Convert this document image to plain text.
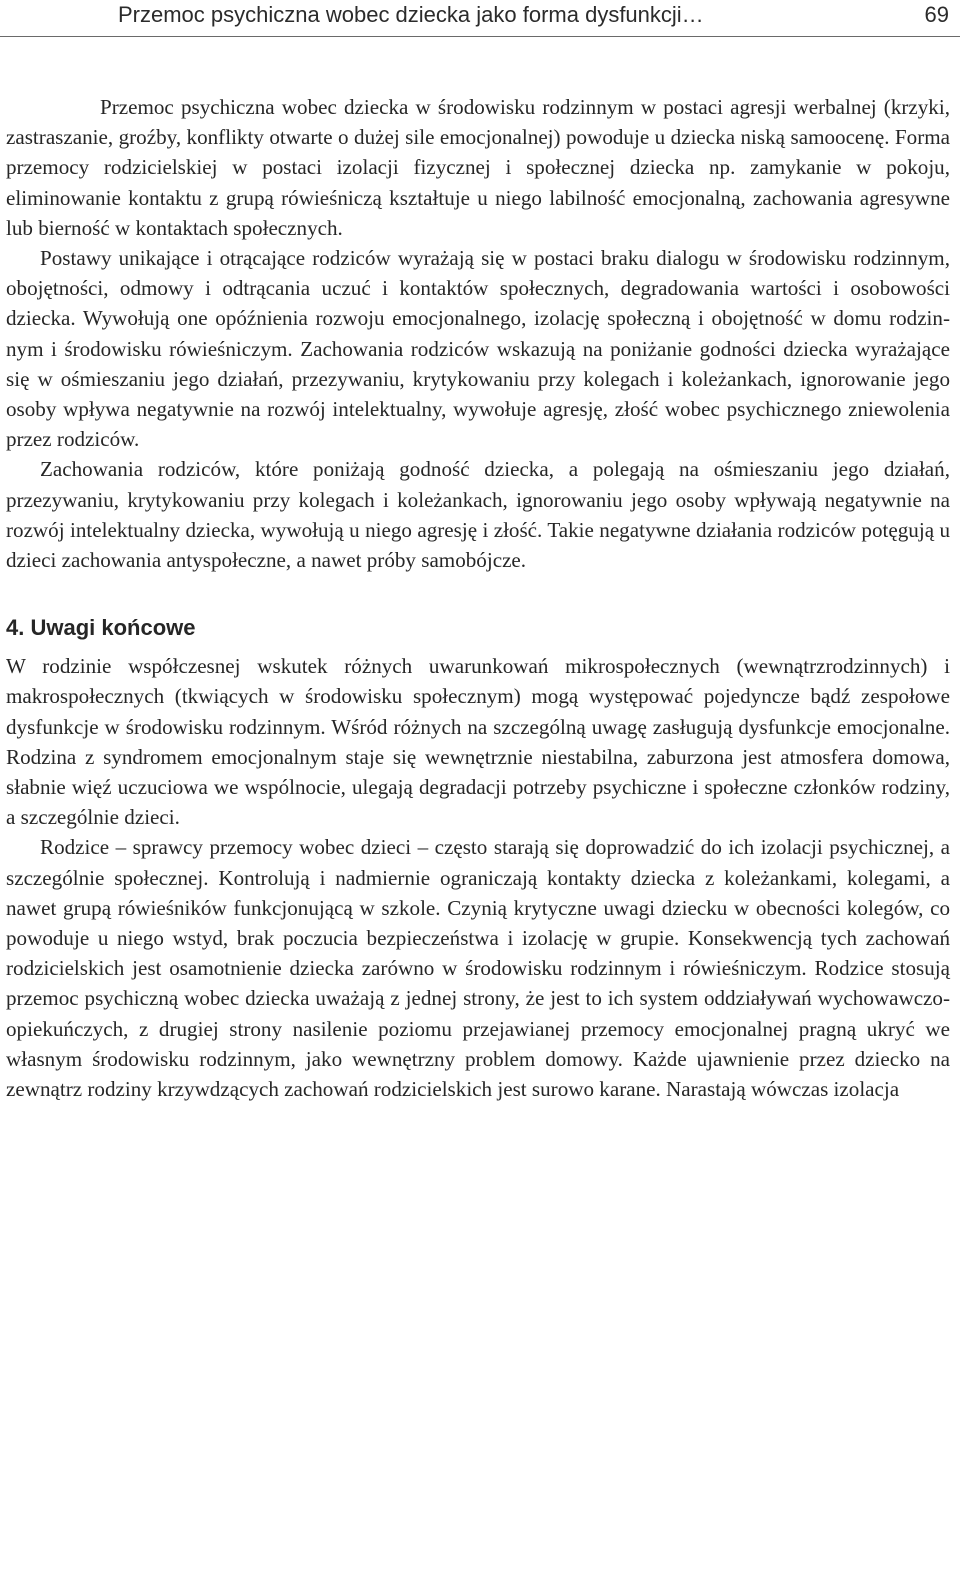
Przemoc psychiczna wobec dziecka jako forma dysfunkcji…	69

Przemoc psychiczna wobec dziecka w środowisku rodzinnym w postaci agresji werbalnej (krzyki, zastraszanie, groźby, konflikty otwarte o dużej sile emocjonalnej) powoduje u dziecka niską samoocenę. Forma przemocy rodzicielskiej w postaci izolacji fizycznej i społecznej dziecka np. zamykanie w pokoju, eliminowanie kontaktu z grupą rówieśniczą kształtuje u niego labilność emocjonalną, zachowania agresywne lub bierność w kontaktach społecznych.

Postawy unikające i otrącające rodziców wyrażają się w postaci braku dialogu w środowisku rodzinnym, obojętności, odmowy i odtrącania uczuć i kontaktów społecznych, degradowania wartości i osobowości dziecka. Wywołują one opóźnienia rozwoju emocjonalnego, izolację społeczną i obojętność w domu rodzinnym i środowisku rówieśniczym. Zachowania rodziców wskazują na poniżanie godności dziecka wyrażające się w ośmieszaniu jego działań, przezywaniu, krytykowaniu przy kolegach i koleżankach, ignorowanie jego osoby wpływa negatywnie na rozwój intelektualny, wywołuje agresję, złość wobec psychicznego zniewolenia przez rodziców.

Zachowania rodziców, które poniżają godność dziecka, a polegają na ośmieszaniu jego działań, przezywaniu, krytykowaniu przy kolegach i koleżankach, ignorowaniu jego osoby wpływają negatywnie na rozwój intelektualny dziecka, wywołują u niego agresję i złość. Takie negatywne działania rodziców potęgują u dzieci zachowania antyspołeczne, a nawet próby samobójcze.

4. Uwagi końcowe

W rodzinie współczesnej wskutek różnych uwarunkowań mikrospołecznych (wewnątrzrodzinnych) i makrospołecznych (tkwiących w środowisku społecznym) mogą występować pojedyncze bądź zespołowe dysfunkcje w środowisku rodzinnym. Wśród różnych na szczególną uwagę zasługują dysfunkcje emocjonalne. Rodzina z syndromem emocjonalnym staje się wewnętrznie niestabilna, zaburzona jest atmosfera domowa, słabnie więź uczuciowa we wspólnocie, ulegają degradacji potrzeby psychiczne i społeczne członków rodziny, a szczególnie dzieci.

Rodzice – sprawcy przemocy wobec dzieci – często starają się doprowadzić do ich izolacji psychicznej, a szczególnie społecznej. Kontrolują i nadmiernie ograniczają kontakty dziecka z koleżankami, kolegami, a nawet grupą rówieśników funkcjonującą w szkole. Czynią krytyczne uwagi dziecku w obecności kolegów, co powoduje u niego wstyd, brak poczucia bezpieczeństwa i izolację w grupie. Konsekwencją tych zachowań rodzicielskich jest osamotnienie dziecka zarówno w środowisku rodzinnym i rówieśniczym. Rodzice stosują przemoc psychiczną wobec dziecka uważają z jednej strony, że jest to ich system oddziaływań wychowawczo-opiekuńczych, z drugiej strony nasilenie poziomu przejawianej przemocy emocjonalnej pragną ukryć we własnym środowisku rodzinnym, jako wewnętrzny problem domowy. Każde ujawnienie przez dziecko na zewnątrz rodziny krzywdzących zachowań rodzicielskich jest surowo karane. Narastają wówczas izolacja
